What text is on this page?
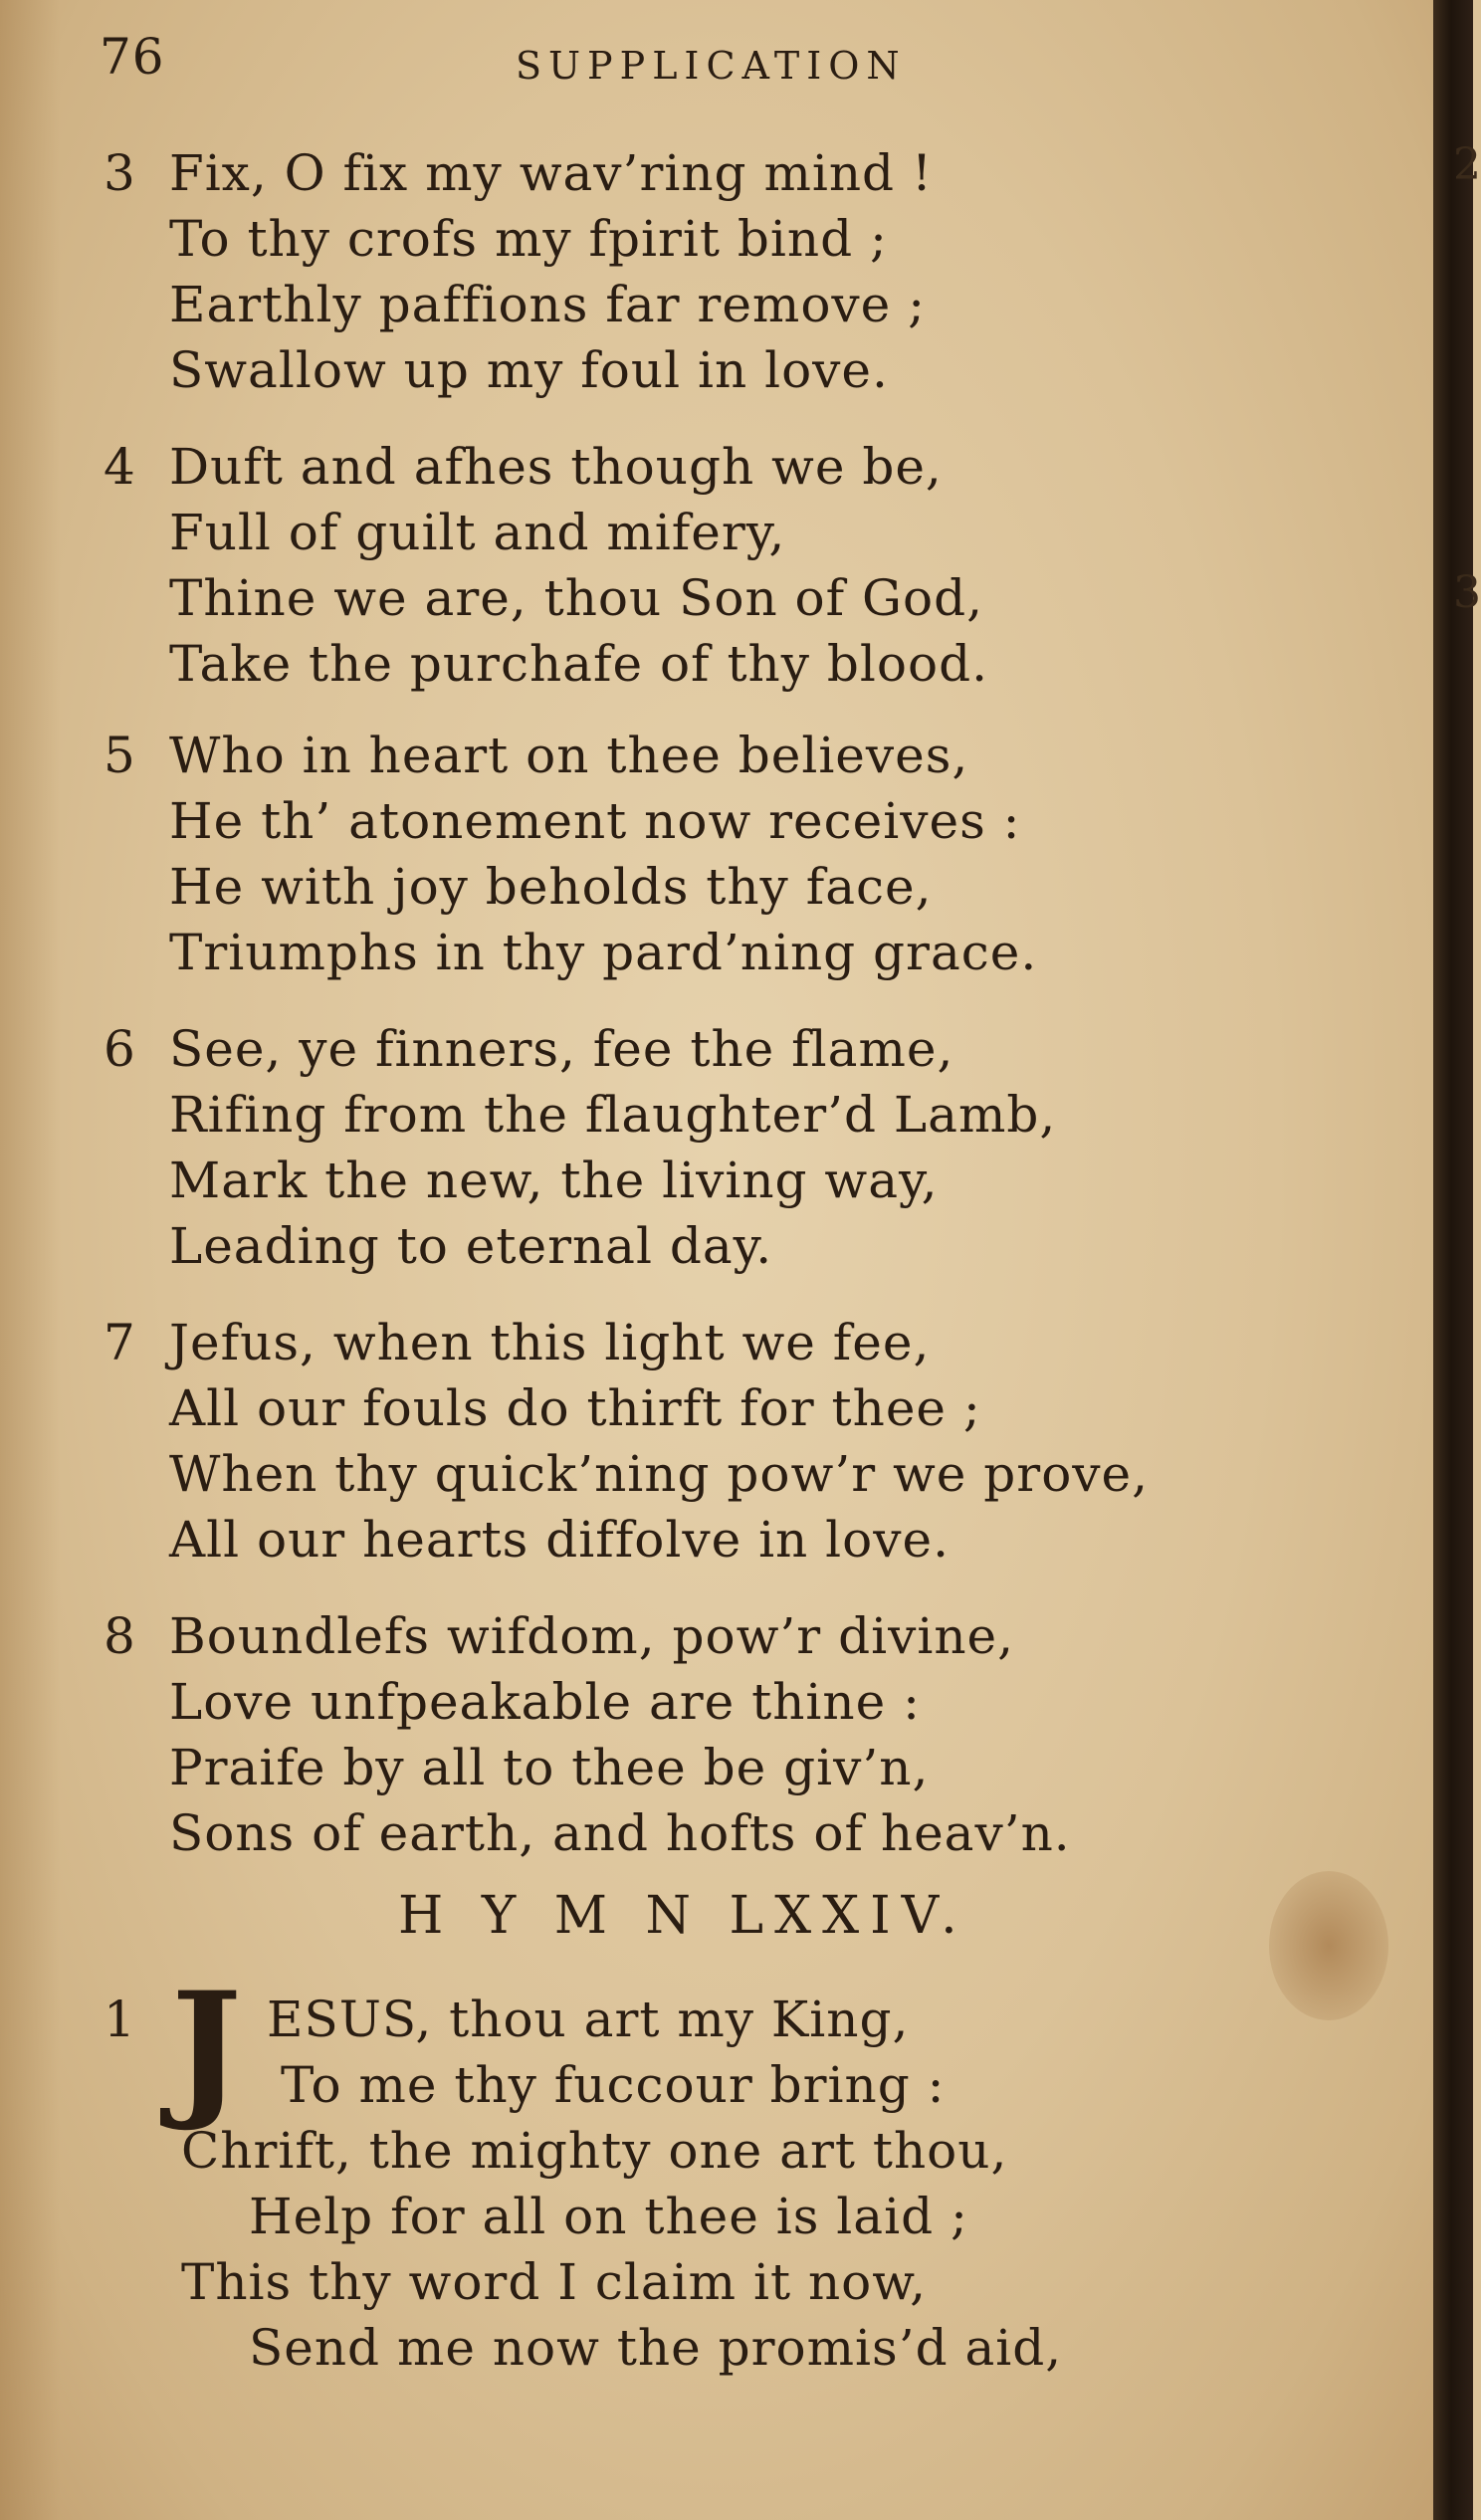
2
3
76	SUPPLICATION
3 Fix, O fix my wav’ring mind !
To thy crofs my fpirit bind ;
Earthly paffions far remove ;
Swallow up my foul in love.
4 Duft and afhes though we be,
Full of guilt and mifery,
Thine we are, thou Son of God,
Take the purchafe of thy blood.
5 Who in heart on thee believes,
He th’ atonement now receives :
He with joy beholds thy face,
Triumphs in thy pard’ning grace.
6 See, ye finners, fee the flame,
Rifing from the flaughter’d Lamb,
Mark the new, the living way,
Leading to eternal day.
7 Jefus, when this light we fee,
All our fouls do thirft for thee ;
When thy quick’ning pow’r we prove,
All our hearts diffolve in love.
8 Boundlefs wifdom, pow’r divine,
Love unfpeakable are thine :
Praife by all to thee be giv’n,
Sons of earth, and hofts of heav’n.
H Y M N LXXIV.
1 J ESUS, thou art my King,
To me thy fuccour bring :
Chrift, the mighty one art thou,
Help for all on thee is laid ;
This thy word I claim it now,
Send me now the promis’d aid,
